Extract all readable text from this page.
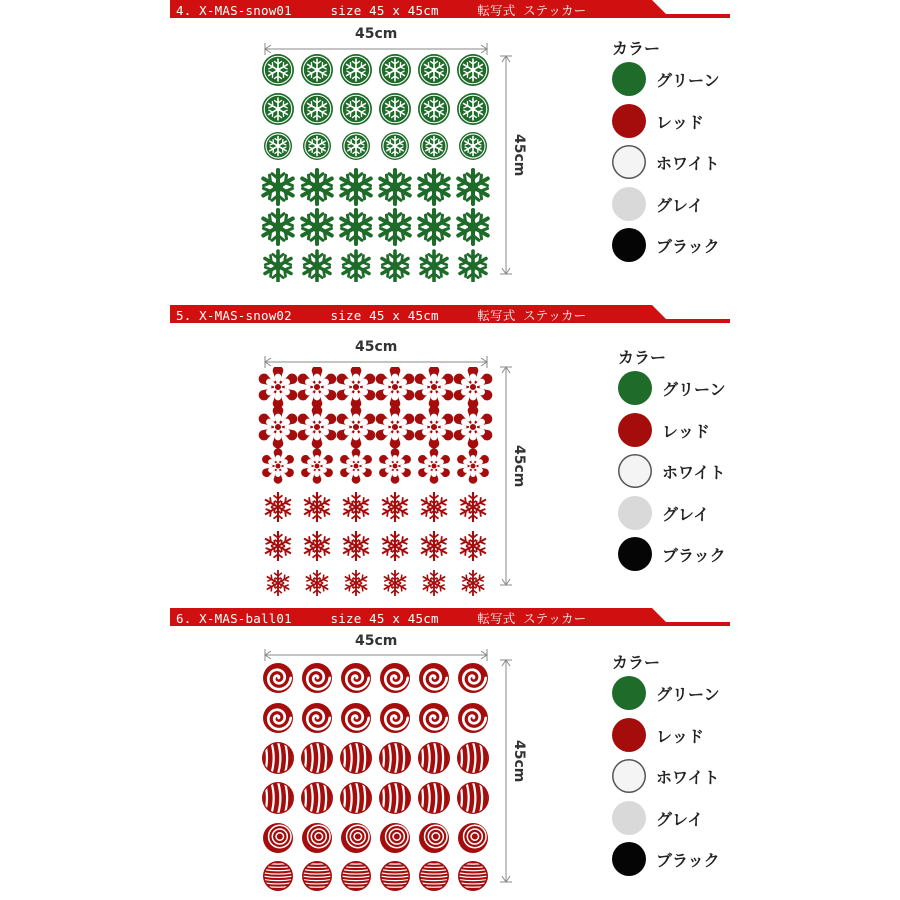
4. X-MAS-snow01     size 45 x 45cm     転写式 ステッカー
45cm
45cm
カラー
グリーン
レッド
ホワイト
グレイ
ブラック
5. X-MAS-snow02     size 45 x 45cm     転写式 ステッカー
45cm
45cm
カラー
グリーン
レッド
ホワイト
グレイ
ブラック
6. X-MAS-ball01     size 45 x 45cm     転写式 ステッカー
45cm
45cm
カラー
グリーン
レッド
ホワイト
グレイ
ブラック
